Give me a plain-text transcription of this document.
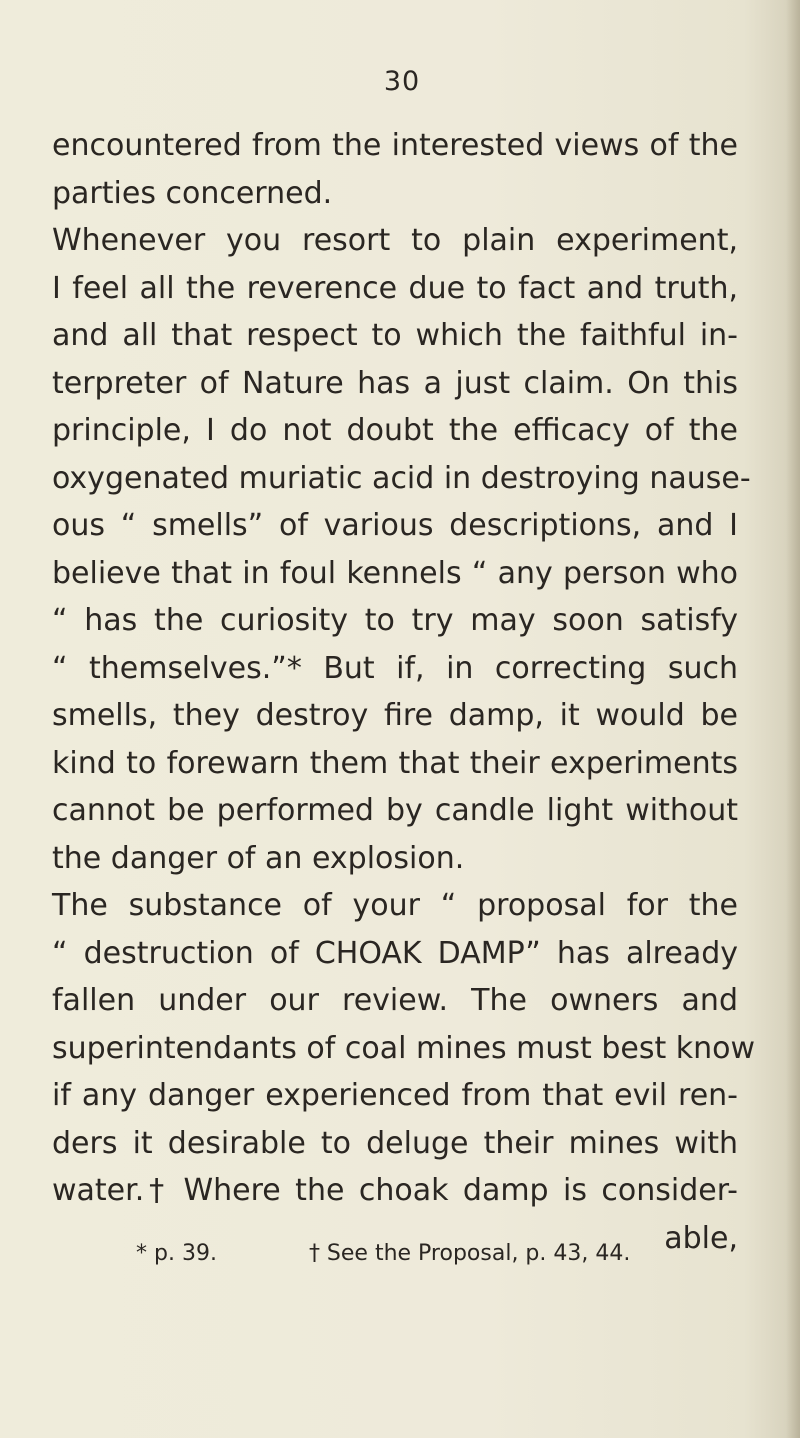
30
encountered from the interested views of the
parties concerned.
Whenever you resort to plain experiment,
I feel all the reverence due to fact and truth,
and all that respect to which the faithful in-
terpreter of Nature has a just claim. On this
principle, I do not doubt the efficacy of the
oxygenated muriatic acid in destroying nause-
ous “ smells” of various descriptions, and I
believe that in foul kennels “ any person who
“ has the curiosity to try may soon satisfy
“ themselves.”* But if, in correcting such
smells, they destroy fire damp, it would be
kind to forewarn them that their experiments
cannot be performed by candle light without
the danger of an explosion.
The substance of your “ proposal for the
“ destruction of CHOAK DAMP” has already
fallen under our review. The owners and
superintendants of coal mines must best know
if any danger experienced from that evil ren-
ders it desirable to deluge their mines with
water.† Where the choak damp is consider-
able,
* p. 39.	† See the Proposal, p. 43, 44.
